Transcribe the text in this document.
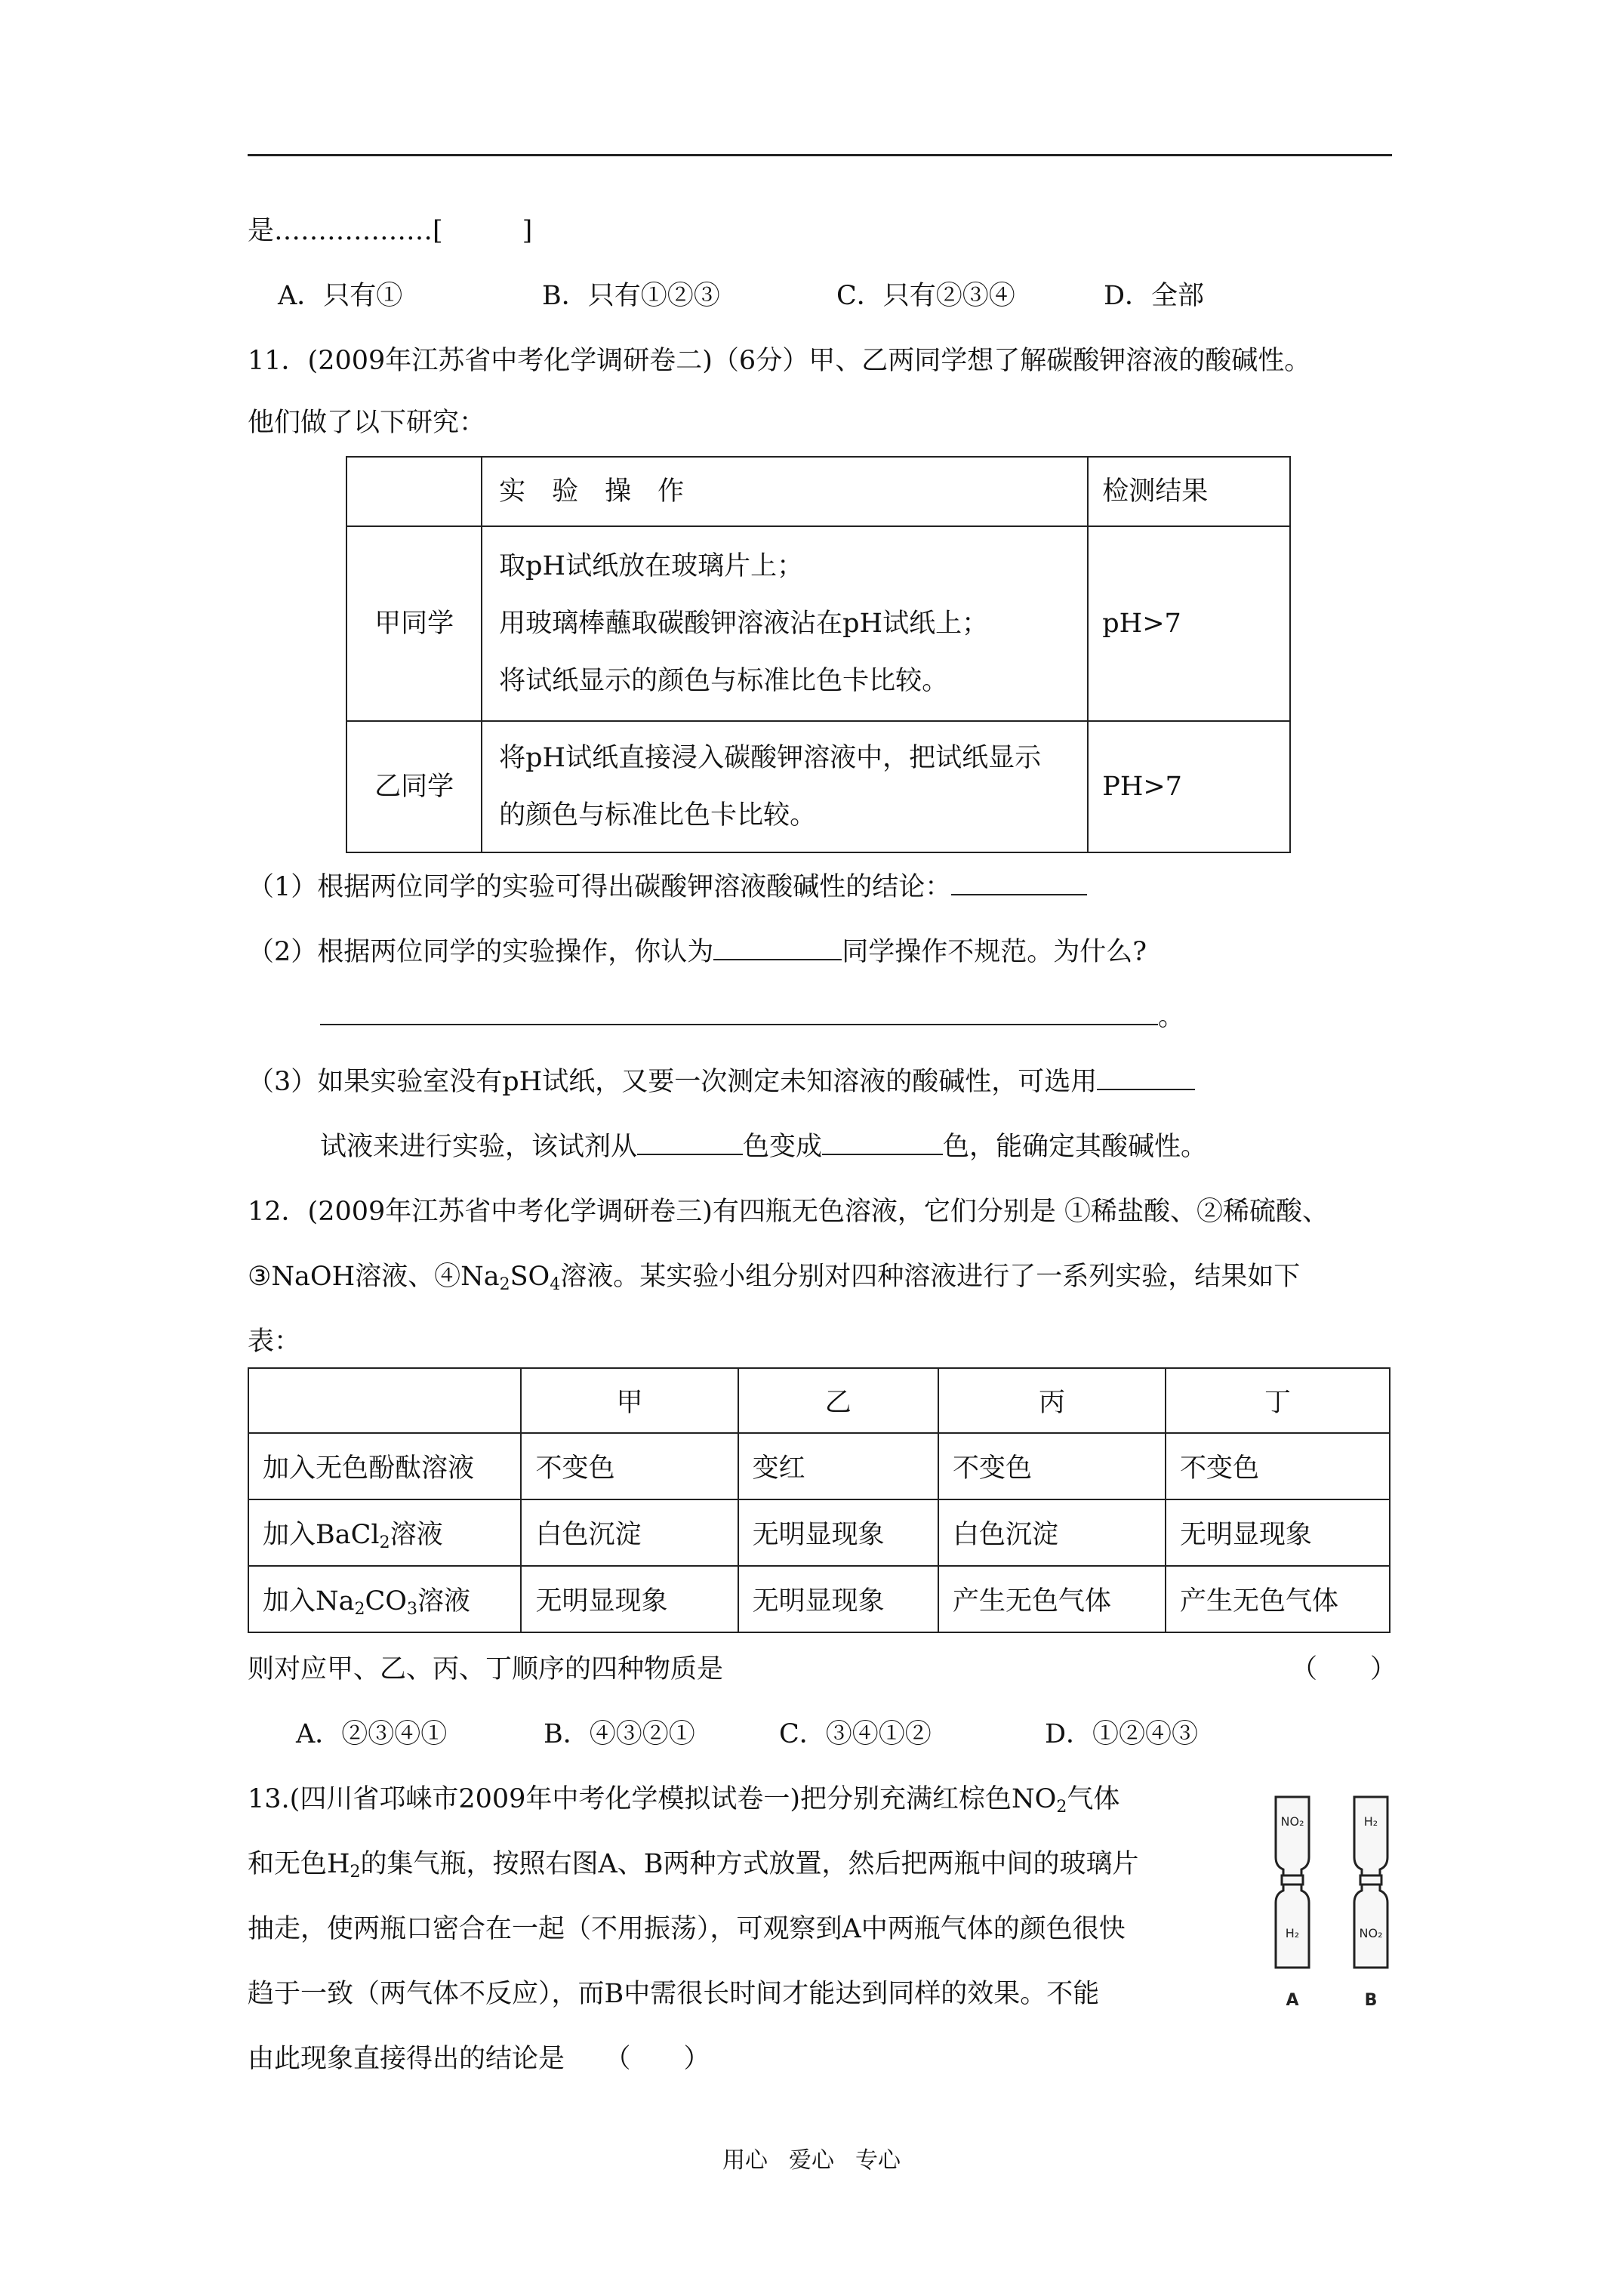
是………………[　　　]
A．只有①	B．只有①②③	C．只有②③④	D．全部
11．(2009年江苏省中考化学调研卷二)（6分）甲、乙两同学想了解碳酸钾溶液的酸碱性。
他们做了以下研究：
	实　验　操　作	检测结果
甲同学	取pH试纸放在玻璃片上；
用玻璃棒蘸取碳酸钾溶液沾在pH试纸上；
将试纸显示的颜色与标准比色卡比较。	pH>7
乙同学	将pH试纸直接浸入碳酸钾溶液中，把试纸显示
的颜色与标准比色卡比较。	PH>7
（1）根据两位同学的实验可得出碳酸钾溶液酸碱性的结论：
（2）根据两位同学的实验操作，你认为	同学操作不规范。为什么?
。
（3）如果实验室没有pH试纸，又要一次测定未知溶液的酸碱性，可选用
试液来进行实验，该试剂从	色变成	色，能确定其酸碱性。
12．(2009年江苏省中考化学调研卷三)有四瓶无色溶液，它们分别是 ①稀盐酸、②稀硫酸、
③NaOH溶液、$④Na_2SO_4$溶液。某实验小组分别对四种溶液进行了一系列实验，结果如下
表：
	甲	乙	丙	丁
加入无色酚酞溶液	不变色	变红	不变色	不变色
加入BaCl$_2$溶液	白色沉淀	无明显现象	白色沉淀	无明显现象
加入$Na_2CO_3$溶液	无明显现象	无明显现象	产生无色气体	产生无色气体
则对应甲、乙、丙、丁顺序的四种物质是	（　　）
A．②③④①	B．④③②①	C．③④①②	D．①②④③
13.(四川省邛崃市2009年中考化学模拟试卷一)把分别充满红棕色$NO_2$气体
和无色$H_2$的集气瓶，按照右图A、B两种方式放置，然后把两瓶中间的玻璃片
抽走，使两瓶口密合在一起（不用振荡），可观察到A中两瓶气体的颜色很快
趋于一致（两气体不反应），而B中需很长时间才能达到同样的效果。不能
由此现象直接得出的结论是　　（　　）
NO₂
H₂
A
H₂
NO₂
B
用心 爱心 专心
